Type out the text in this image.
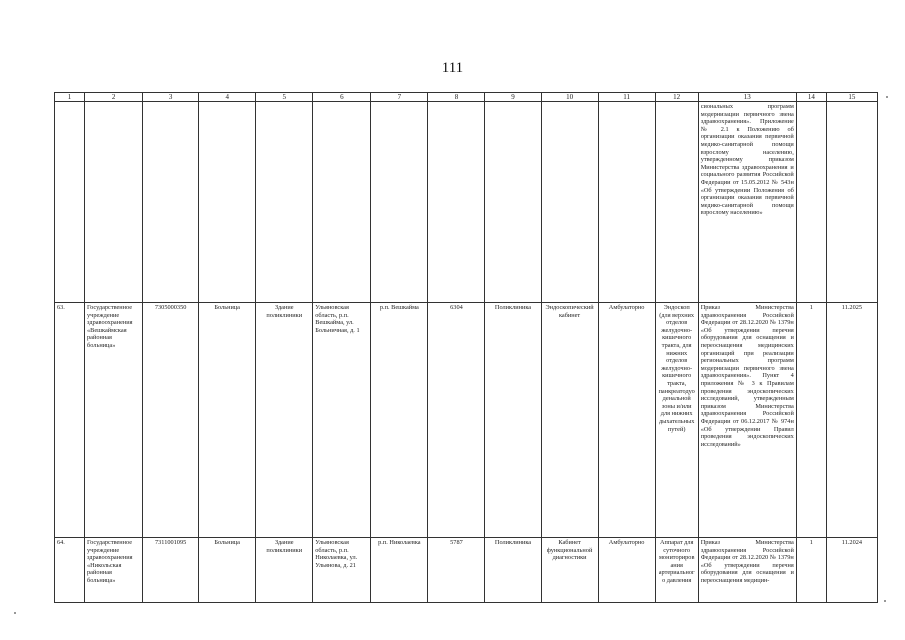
111
1	2	3	4	5	6	7	8	9	10	11	12	13	14	15
												сиональных программ модернизации первичного звена здравоохранения». Приложение № 2.1 к Положению об организации оказания первичной медико-санитарной помощи взрослому населению, утвержденному приказом Министерства здравоохранения и социального развития Российской Федерации от 15.05.2012 № 543н «Об утверждении Положения об организации оказания первичной медико-санитарной помощи взрослому населению»		
63.	Государственное учреждение здравоохранения «Вешкаймская районная больница»	7305000350	Больница	Здание поликлиники	Ульяновская область, р.п. Вешкайма, ул. Больничная, д. 1	р.п. Вешкайма	6304	Поликлиника	Эндоскопический кабинет	Амбулаторно	Эндоскоп (для верхних отделов желудочно-кишечного тракта, для нижних отделов желудочно-кишечного тракта, панкреатодуоденальной зоны и/или для нижних дыхательных путей)	Приказ Министерства здравоохранения Российской Федерации от 28.12.2020 № 1379н «Об утверждении перечня оборудования для оснащения и переоснащения медицинских организаций при реализации региональных программ модернизации первичного звена здравоохранения». Пункт 4 приложения № 3 к Правилам проведения эндоскопических исследований, утвержденным приказом Министерства здравоохранения Российской Федерации от 06.12.2017 № 974н «Об утверждении Правил проведения эндоскопических исследований»	1	11.2025
64.	Государственное учреждение здравоохранения «Никольская районная больница»	7311001095	Больница	Здание поликлиники	Ульяновская область, р.п. Николаевка, ул. Ульянова, д. 21	р.п. Николаевка	5787	Поликлиника	Кабинет функциональной диагностики	Амбулаторно	Аппарат для суточного мониторирования артериального давления	Приказ Министерства здравоохранения Российской Федерации от 28.12.2020 № 1379н «Об утверждении перечня оборудования для оснащения и переоснащения медицин-	1	11.2024
